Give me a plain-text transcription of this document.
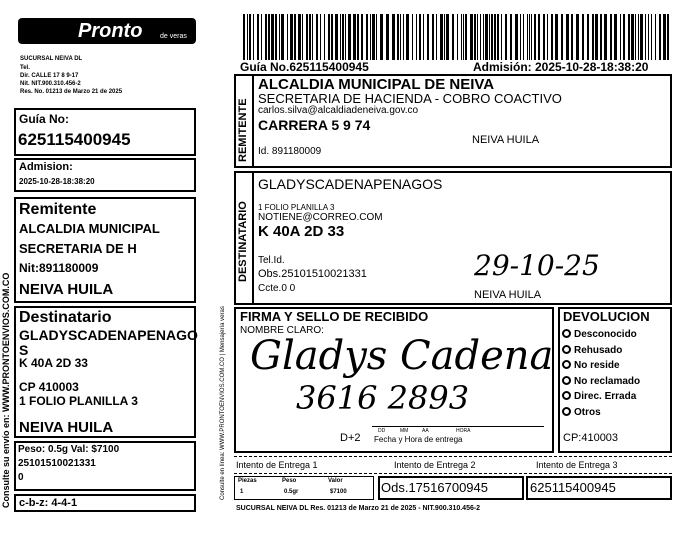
Pronto	de veras
SUCURSAL NEIVA DL
Tel.
Dir. CALLE 17 8 9-17
Nit. NIT.900.310.456-2
Res. No. 01213 de Marzo 21 de 2025
Guía No:
625115400945
Admision:
2025-10-28-18:38:20
Remitente
ALCALDIA MUNICIPAL
SECRETARIA DE H
Nit:891180009
NEIVA HUILA
Destinatario
GLADYSCADENAPENAGO
S
K 40A 2D 33
CP 410003
1 FOLIO PLANILLA 3
NEIVA HUILA
Peso: 0.5g Val: $7100
25101510021331
0
c-b-z: 4-4-1
Consulte su envío en: WWW.PRONTOENVIOS.COM.CO	Consulte en línea: WWW.PRONTOENVIOS.COM.CO | Mensajería veras
Guía No.625115400945	Admisión: 2025-10-28-18:38:20
REMITENTE
ALCALDIA MUNICIPAL DE NEIVA
SECRETARIA DE HACIENDA - COBRO COACTIVO
carlos.silva@alcaldiadeneiva.gov.co
CARRERA 5 9 74
NEIVA HUILA
Id. 891180009
DESTINATARIO
GLADYSCADENAPENAGOS
1 FOLIO PLANILLA 3
NOTIENE@CORREO.COM
K 40A 2D 33
Tel.Id.
Obs.25101510021331
Ccte.0 0
NEIVA HUILA
29-10-25
FIRMA Y SELLO DE RECIBIDO
NOMBRE CLARO:
Gladys Cadena
3616 2893
D+2
DD	MM	AA	HORA
Fecha y Hora de entrega
DEVOLUCION
Desconocido
Rehusado
No reside
No reclamado
Direc. Errada
Otros
CP:410003
Intento de Entrega 1	Intento de Entrega 2	Intento de Entrega 3
Piezas	Peso	Valor
1	0.5gr	$7100	Ods.17516700945	625115400945
SUCURSAL NEIVA DL Res. 01213 de Marzo 21 de 2025 - NIT.900.310.456-2
